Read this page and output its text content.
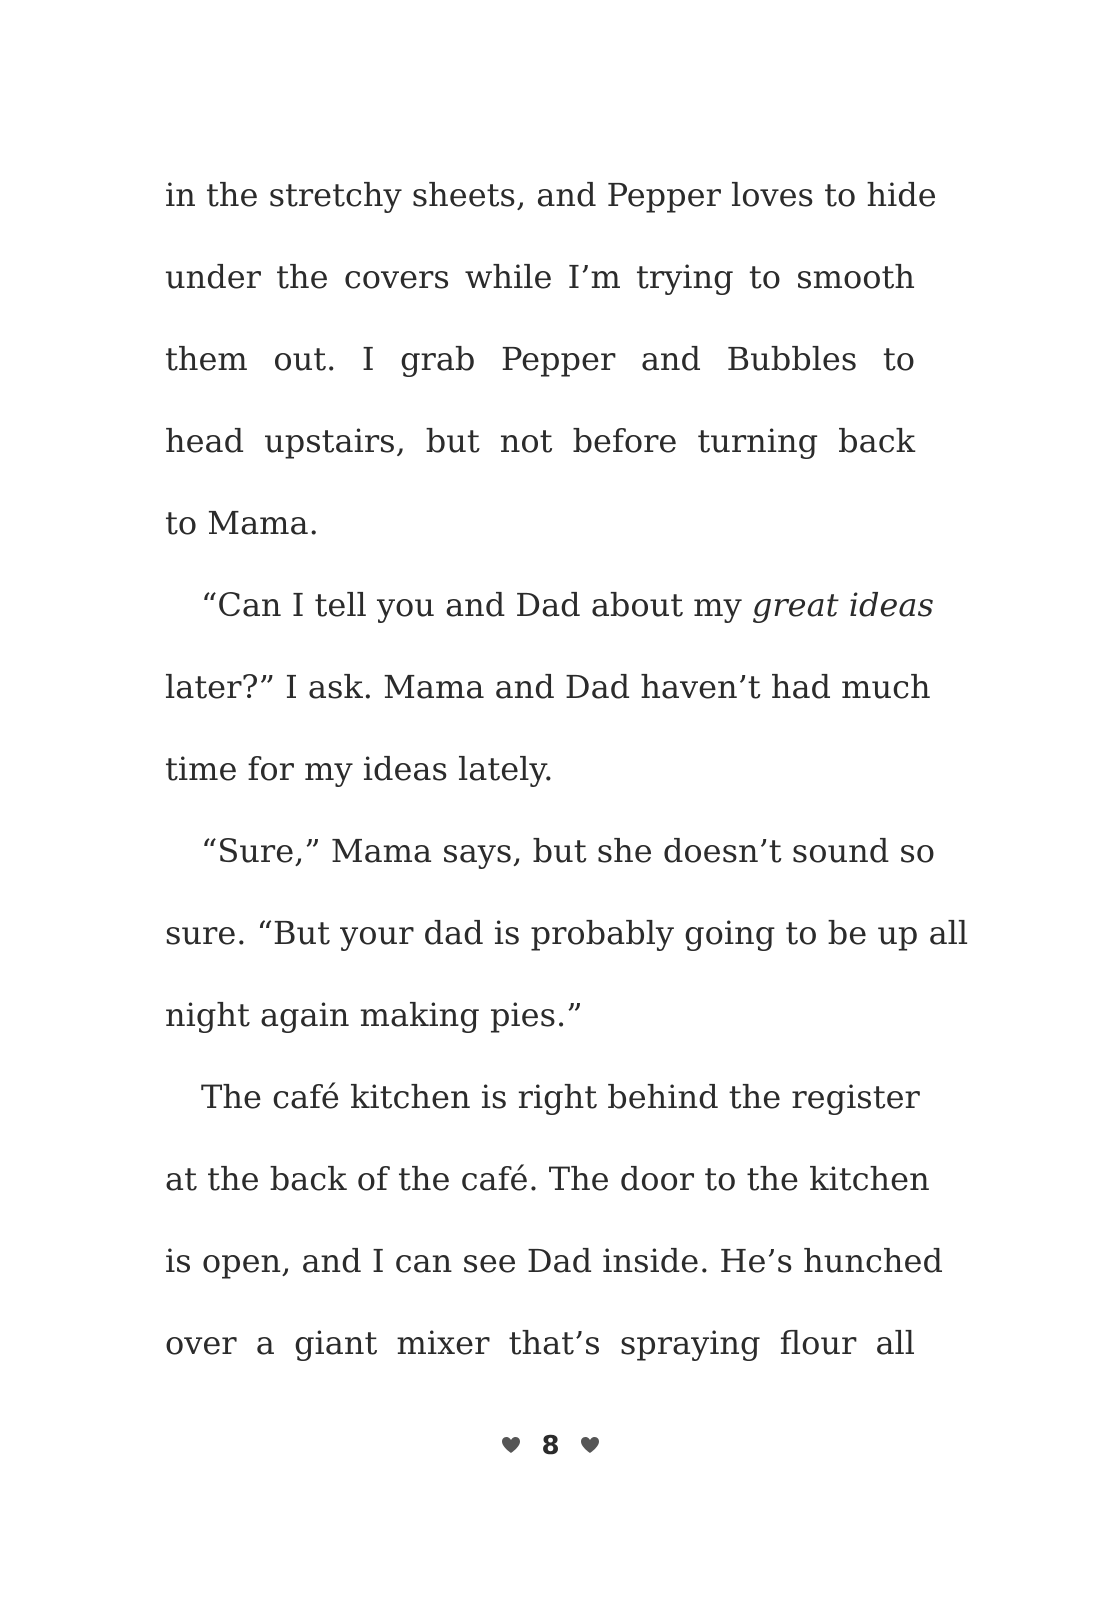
in the stretchy sheets, and Pepper loves to hide
under the covers while I’m trying to smooth
them out. I grab Pepper and Bubbles to
head upstairs, but not before turning back
to Mama.
“Can I tell you and Dad about my great ideas
later?” I ask. Mama and Dad haven’t had much
time for my ideas lately.
“Sure,” Mama says, but she doesn’t sound so
sure. “But your dad is probably going to be up all
night again making pies.”
The café kitchen is right behind the register
at the back of the café. The door to the kitchen
is open, and I can see Dad inside. He’s hunched
over a giant mixer that’s spraying flour all
8
